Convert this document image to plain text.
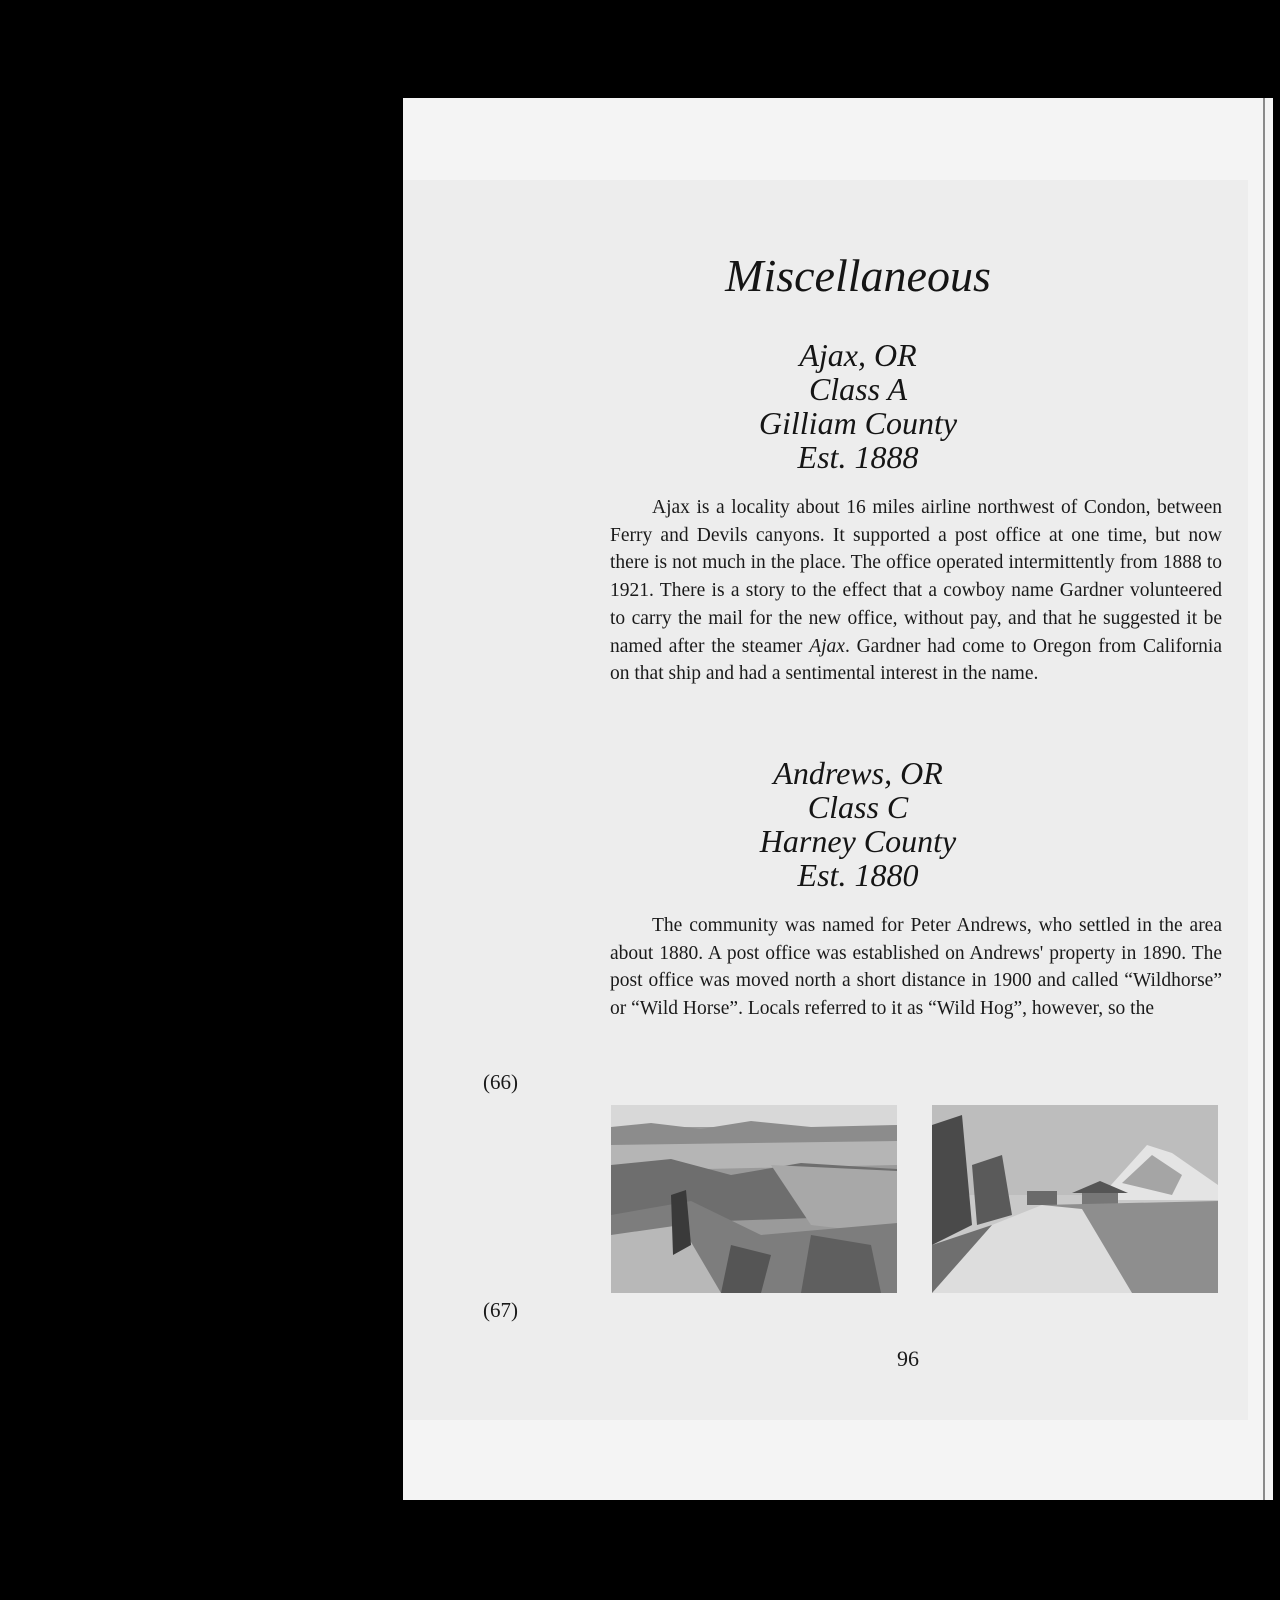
Miscellaneous
Ajax, OR
Class A
Gilliam County
Est. 1888

Ajax is a locality about 16 miles airline northwest of Condon, between Ferry and Devils canyons. It supported a post office at one time, but now there is not much in the place. The office operated intermittently from 1888 to 1921. There is a story to the effect that a cowboy name Gardner volunteered to carry the mail for the new office, without pay, and that he suggested it be named after the steamer Ajax. Gardner had come to Oregon from California on that ship and had a sentimental interest in the name.

Andrews, OR
Class C
Harney County
Est. 1880

The community was named for Peter Andrews, who settled in the area about 1880. A post office was established on Andrews' property in 1890. The post office was moved north a short distance in 1900 and called “Wildhorse” or “Wild Horse”. Locals referred to it as “Wild Hog”, however, so the

(66)
(67)
96
